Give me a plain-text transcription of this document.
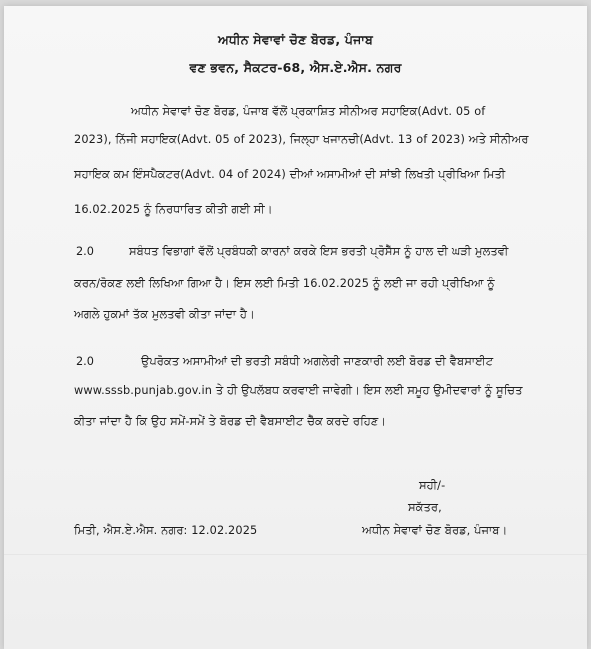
ਅਧੀਨ ਸੇਵਾਵਾਂ ਚੋਣ ਬੋਰਡ, ਪੰਜਾਬ
ਵਣ ਭਵਨ, ਸੈਕਟਰ-68, ਐਸ.ਏ.ਐਸ. ਨਗਰ
ਅਧੀਨ ਸੇਵਾਵਾਂ ਚੋਣ ਬੋਰਡ, ਪੰਜਾਬ ਵੱਲੋਂ ਪ੍ਰਕਾਸ਼ਿਤ ਸੀਨੀਅਰ ਸਹਾਇਕ(Advt. 05 of
2023), ਨਿੱਜੀ ਸਹਾਇਕ(Advt. 05 of 2023), ਜਿਲ੍ਹਾ ਖਜਾਨਚੀ(Advt. 13 of 2023) ਅਤੇ ਸੀਨੀਅਰ
ਸਹਾਇਕ ਕਮ ਇੰਸਪੈਕਟਰ(Advt. 04 of 2024) ਦੀਆਂ ਅਸਾਮੀਆਂ ਦੀ ਸਾਂਝੀ ਲਿਖਤੀ ਪ੍ਰੀਖਿਆ ਮਿਤੀ
16.02.2025 ਨੂੰ ਨਿਰਧਾਰਿਤ ਕੀਤੀ ਗਈ ਸੀ।
2.0	ਸਬੰਧਤ ਵਿਭਾਗਾਂ ਵੱਲੋਂ ਪ੍ਰਬੰਧਕੀ ਕਾਰਨਾਂ ਕਰਕੇ ਇਸ ਭਰਤੀ ਪ੍ਰੋਸੈੱਸ ਨੂੰ ਹਾਲ ਦੀ ਘੜੀ ਮੁਲਤਵੀ
ਕਰਨ/ਰੋਕਣ ਲਈ ਲਿਖਿਆ ਗਿਆ ਹੈ। ਇਸ ਲਈ ਮਿਤੀ 16.02.2025 ਨੂੰ ਲਈ ਜਾ ਰਹੀ ਪ੍ਰੀਖਿਆ ਨੂੰ
ਅਗਲੇ ਹੁਕਮਾਂ ਤੱਕ ਮੁਲਤਵੀ ਕੀਤਾ ਜਾਂਦਾ ਹੈ।
2.0	ਉਪਰੋਕਤ ਅਸਾਮੀਆਂ ਦੀ ਭਰਤੀ ਸਬੰਧੀ ਅਗਲੇਰੀ ਜਾਣਕਾਰੀ ਲਈ ਬੋਰਡ ਦੀ ਵੈਬਸਾਈਟ
www.sssb.punjab.gov.in ਤੇ ਹੀ ਉਪਲੱਬਧ ਕਰਵਾਈ ਜਾਵੇਗੀ। ਇਸ ਲਈ ਸਮੂਹ ਉਮੀਦਵਾਰਾਂ ਨੂੰ ਸੂਚਿਤ
ਕੀਤਾ ਜਾਂਦਾ ਹੈ ਕਿ ਉਹ ਸਮੇਂ-ਸਮੇਂ ਤੇ ਬੋਰਡ ਦੀ ਵੈਬਸਾਈਟ ਚੈੱਕ ਕਰਦੇ ਰਹਿਣ।
ਸਹੀ/-
ਸਕੱਤਰ,
ਅਧੀਨ ਸੇਵਾਵਾਂ ਚੋਣ ਬੋਰਡ, ਪੰਜਾਬ।
ਮਿਤੀ, ਐਸ.ਏ.ਐਸ. ਨਗਰ: 12.02.2025
